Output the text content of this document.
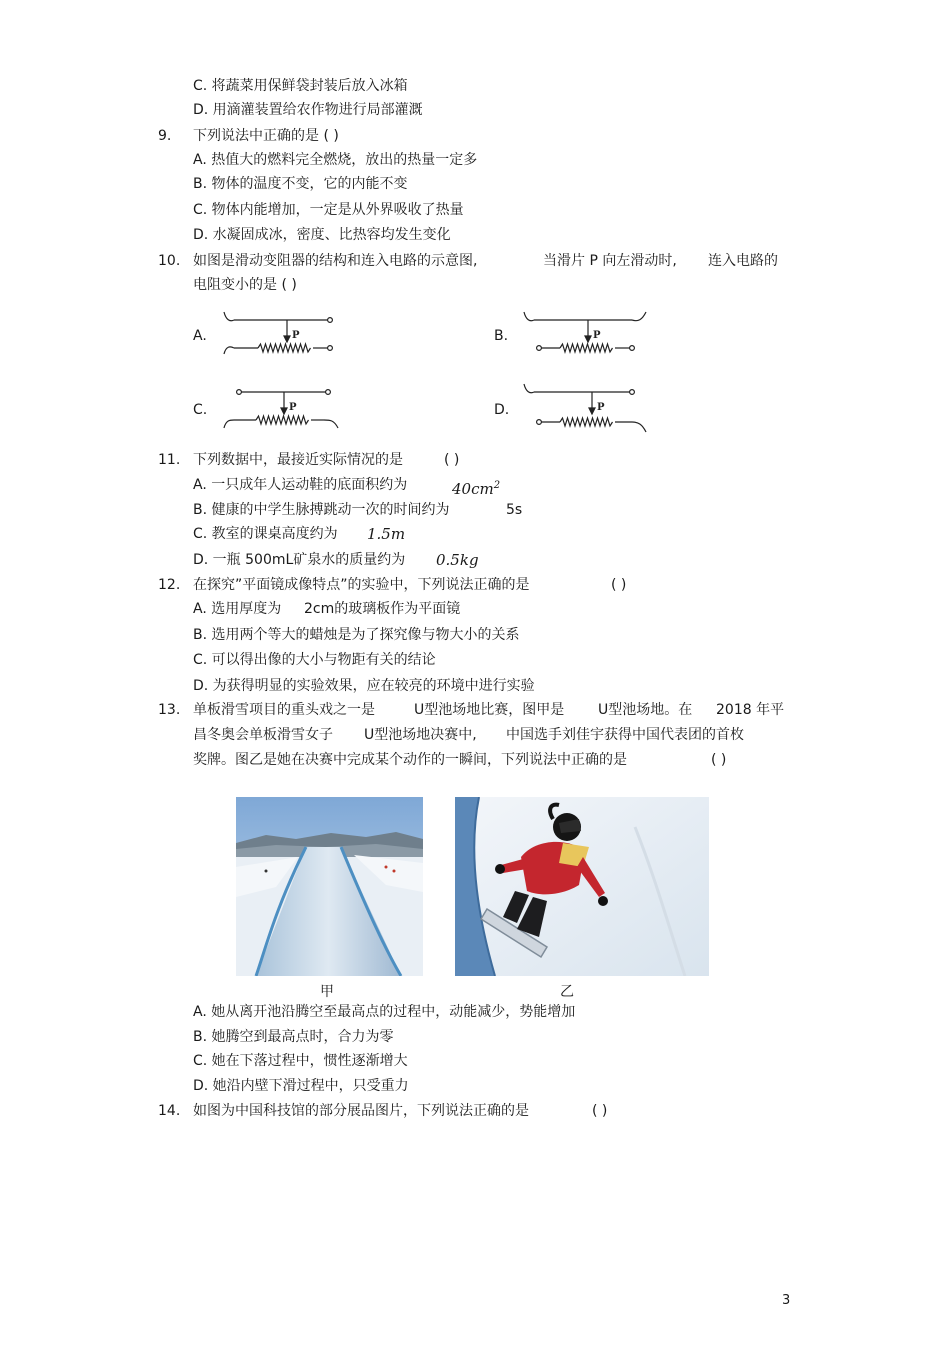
C. 将蔬菜用保鲜袋封装后放入冰箱
D. 用滴灌装置给农作物进行局部灌溉
9. 下列说法中正确的是 ( )
A. 热值大的燃料完全燃烧，放出的热量一定多
B. 物体的温度不变，它的内能不变
C. 物体内能增加，一定是从外界吸收了热量
D. 水凝固成冰，密度、比热容均发生变化
10. 如图是滑动变阻器的结构和连入电路的示意图,	当滑片 P 向左滑动时, 连入电路的
电阻变小的是 ( )
A.	B.
C.	D.
P	P
P	P
11. 下列数据中，最接近实际情况的是	( )
A. 一只成年人运动鞋的底面积约为	$40cm^2$
B. 健康的中学生脉搏跳动一次的时间约为	5s
C. 教室的课桌高度约为 1.5m
D. 一瓶 500mL矿泉水的质量约为 0.5kg
12. 在探究”平面镜成像特点”的实验中，下列说法正确的是	( )
A. 选用厚度为 2cm的玻璃板作为平面镜
B. 选用两个等大的蜡烛是为了探究像与物大小的关系
C. 可以得出像的大小与物距有关的结论
D. 为获得明显的实验效果，应在较亮的环境中进行实验
13. 单板滑雪项目的重头戏之一是	U型池场地比赛，图甲是 U型池场地。在 2018 年平
昌冬奥会单板滑雪女子 U型池场地决赛中, 中国选手刘佳宇获得中国代表团的首枚
奖牌。图乙是她在决赛中完成某个动作的一瞬间，下列说法中正确的是	( )
甲	乙
A. 她从离开池沿腾空至最高点的过程中，动能减少，势能增加
B. 她腾空到最高点时，合力为零
C. 她在下落过程中，惯性逐渐增大
D. 她沿内壁下滑过程中，只受重力
14. 如图为中国科技馆的部分展品图片，下列说法正确的是	( )
3
